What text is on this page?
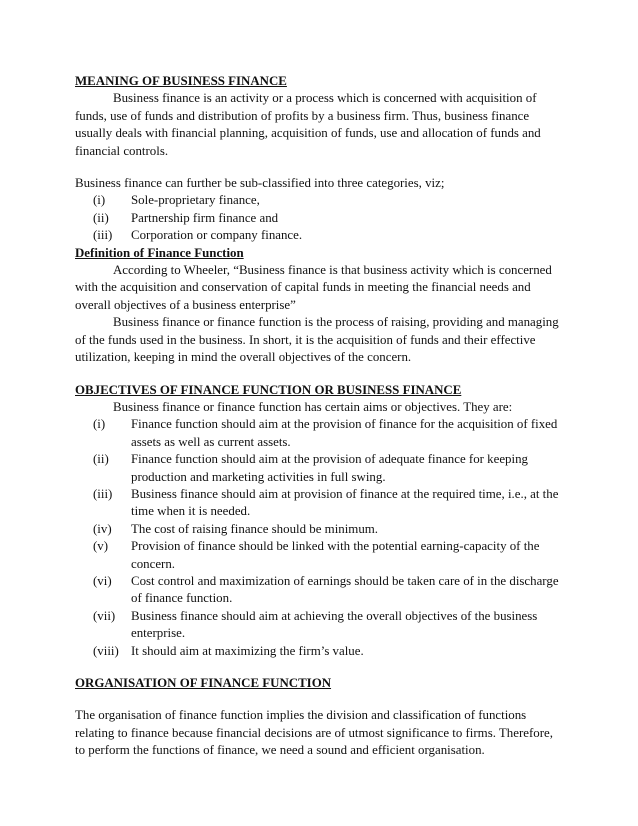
MEANING OF BUSINESS FINANCE

Business finance is an activity or a process which is concerned with acquisition of funds, use of funds and distribution of profits by a business firm. Thus, business finance usually deals with financial planning, acquisition of funds, use and allocation of funds and financial controls.

Business finance can further be sub-classified into three categories, viz;

(i)	Sole-proprietary finance,
(ii)	Partnership firm finance and
(iii)	Corporation or company finance.

Definition of Finance Function

According to Wheeler, “Business finance is that business activity which is concerned with the acquisition and conservation of capital funds in meeting the financial needs and overall objectives of a business enterprise”

Business finance or finance function is the process of raising, providing and managing of the funds used in the business. In short, it is the acquisition of funds and their effective utilization, keeping in mind the overall objectives of the concern.

OBJECTIVES OF FINANCE FUNCTION OR BUSINESS FINANCE

Business finance or finance function has certain aims or objectives. They are:

(i)	Finance function should aim at the provision of finance for the acquisition of fixed assets as well as current assets.
(ii)	Finance function should aim at the provision of adequate finance for keeping production and marketing activities in full swing.
(iii)	Business finance should aim at provision of finance at the required time, i.e., at the time when it is needed.
(iv)	The cost of raising finance should be minimum.
(v)	Provision of finance should be linked with the potential earning-capacity of the concern.
(vi)	Cost control and maximization of earnings should be taken care of in the discharge of finance function.
(vii)	Business finance should aim at achieving the overall objectives of the business enterprise.
(viii) It should aim at maximizing the firm’s value.

ORGANISATION OF FINANCE FUNCTION

The organisation of finance function implies the division and classification of functions relating to finance because financial decisions are of utmost significance to firms. Therefore, to perform the functions of finance, we need a sound and efficient organisation.
